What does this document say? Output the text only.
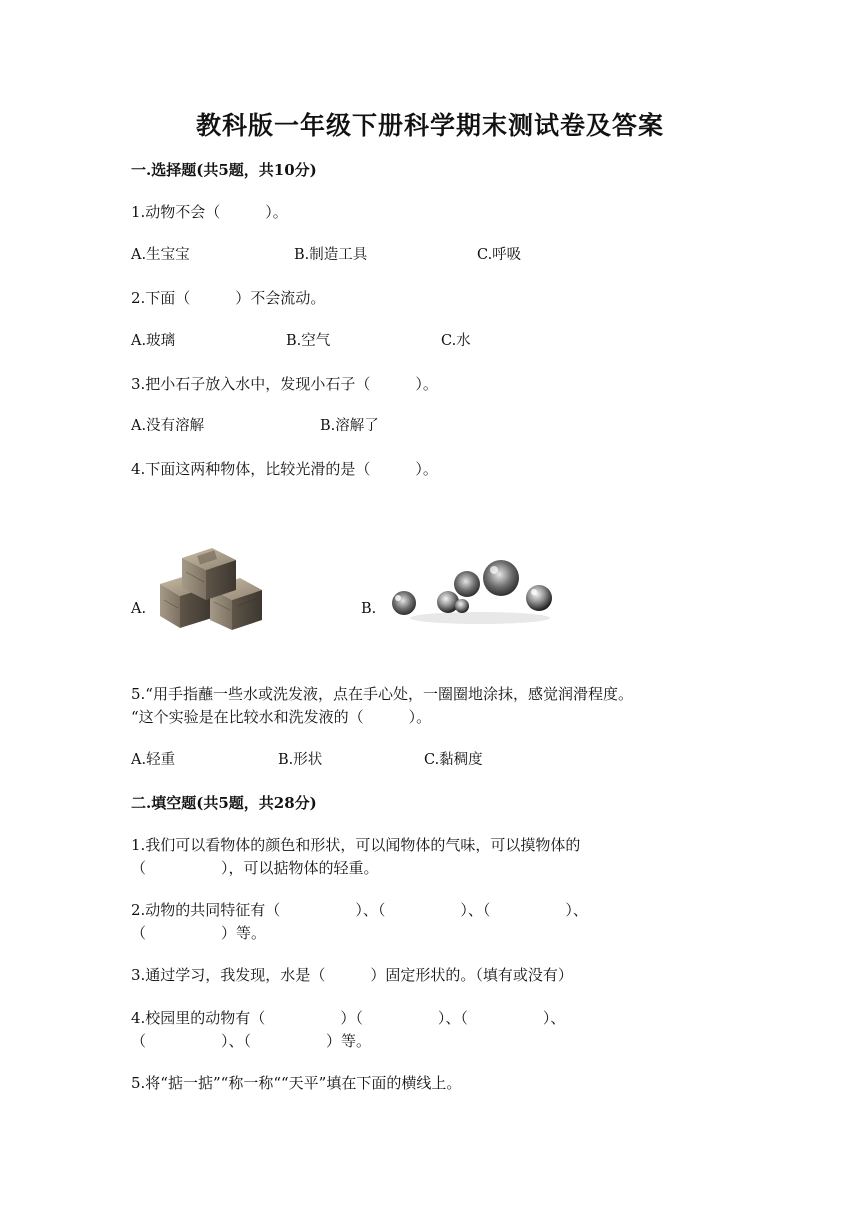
教科版一年级下册科学期末测试卷及答案
一.选择题(共5题，共10分)
1.动物不会（　　　）。
A.生宝宝	B.制造工具	C.呼吸
2.下面（　　　）不会流动。
A.玻璃	B.空气	C.水
3.把小石子放入水中，发现小石子（　　　）。
A.没有溶解	B.溶解了
4.下面这两种物体，比较光滑的是（　　　）。
A.	B.
5.“用手指蘸一些水或洗发液，点在手心处，一圈圈地涂抹，感觉润滑程度。
“这个实验是在比较水和洗发液的（　　　）。
A.轻重	B.形状	C.黏稠度
二.填空题(共5题，共28分)
1.我们可以看物体的颜色和形状，可以闻物体的气味，可以摸物体的
（　　　　　），可以掂物体的轻重。
2.动物的共同特征有（　　　　　）、（　　　　　）、（　　　　　）、
（　　　　　）等。
3.通过学习，我发现，水是（　　　）固定形状的。（填有或没有）
4.校园里的动物有（　　　　　）（　　　　　）、（　　　　　）、
（　　　　　）、（　　　　　）等。
5.将“掂一掂”“称一称““天平”填在下面的横线上。
